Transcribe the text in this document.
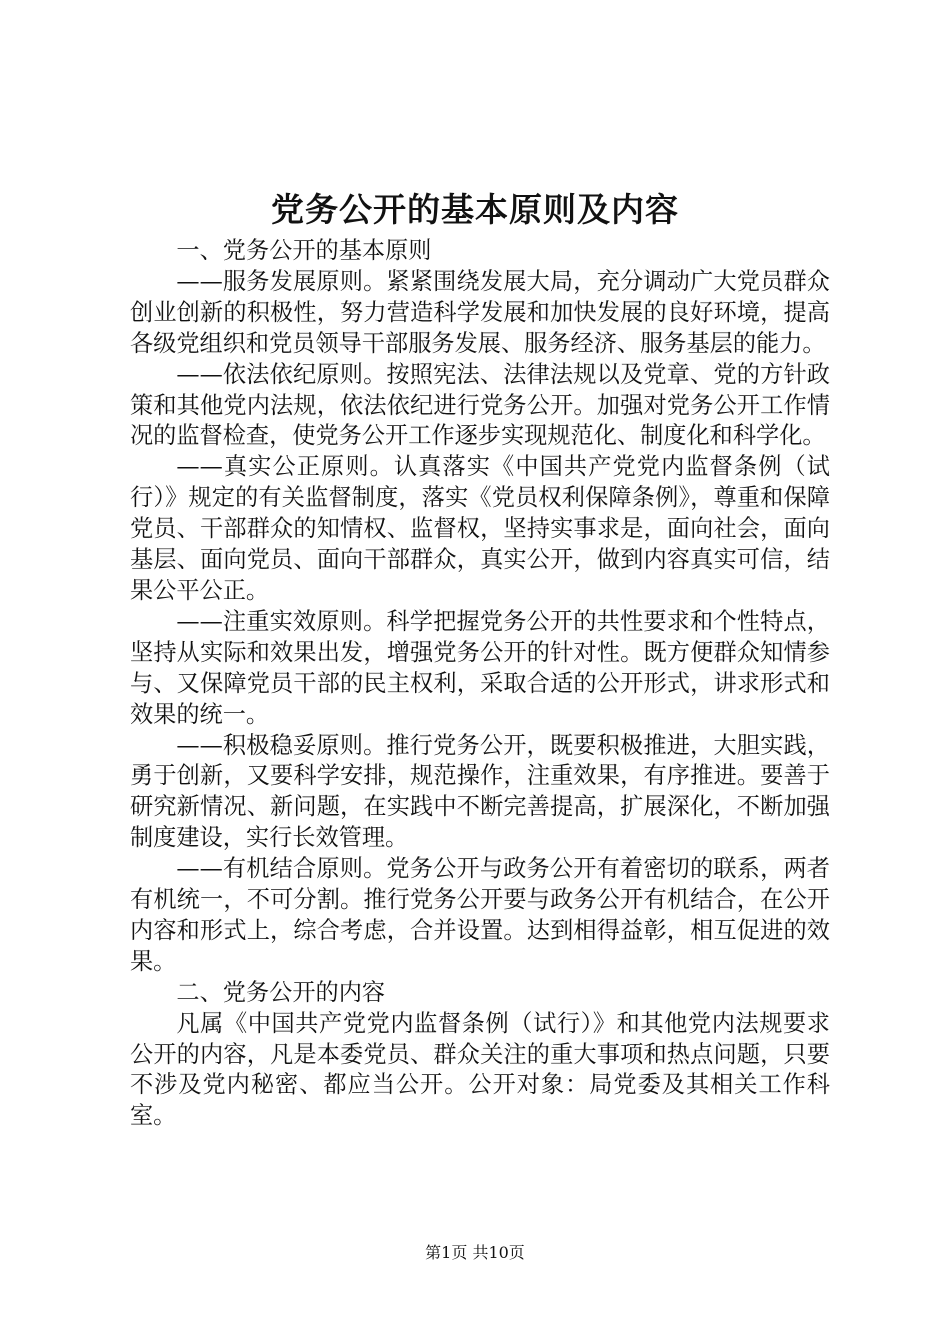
党务公开的基本原则及内容

一、党务公开的基本原则

——服务发展原则。紧紧围绕发展大局，充分调动广大党员群众创业创新的积极性，努力营造科学发展和加快发展的良好环境，提高各级党组织和党员领导干部服务发展、服务经济、服务基层的能力。

——依法依纪原则。按照宪法、法律法规以及党章、党的方针政策和其他党内法规，依法依纪进行党务公开。加强对党务公开工作情况的监督检查，使党务公开工作逐步实现规范化、制度化和科学化。

——真实公正原则。认真落实《中国共产党党内监督条例（试行）》规定的有关监督制度，落实《党员权利保障条例》，尊重和保障党员、干部群众的知情权、监督权，坚持实事求是，面向社会，面向基层、面向党员、面向干部群众，真实公开，做到内容真实可信，结果公平公正。

——注重实效原则。科学把握党务公开的共性要求和个性特点，坚持从实际和效果出发，增强党务公开的针对性。既方便群众知情参与、又保障党员干部的民主权利，采取合适的公开形式，讲求形式和效果的统一。

——积极稳妥原则。推行党务公开，既要积极推进，大胆实践，勇于创新，又要科学安排，规范操作，注重效果，有序推进。要善于研究新情况、新问题，在实践中不断完善提高，扩展深化，不断加强制度建设，实行长效管理。

——有机结合原则。党务公开与政务公开有着密切的联系，两者有机统一，不可分割。推行党务公开要与政务公开有机结合，在公开内容和形式上，综合考虑，合并设置。达到相得益彰，相互促进的效果。

二、党务公开的内容

凡属《中国共产党党内监督条例（试行）》和其他党内法规要求公开的内容，凡是本委党员、群众关注的重大事项和热点问题，只要不涉及党内秘密、都应当公开。公开对象：局党委及其相关工作科室。

第1页 共10页
